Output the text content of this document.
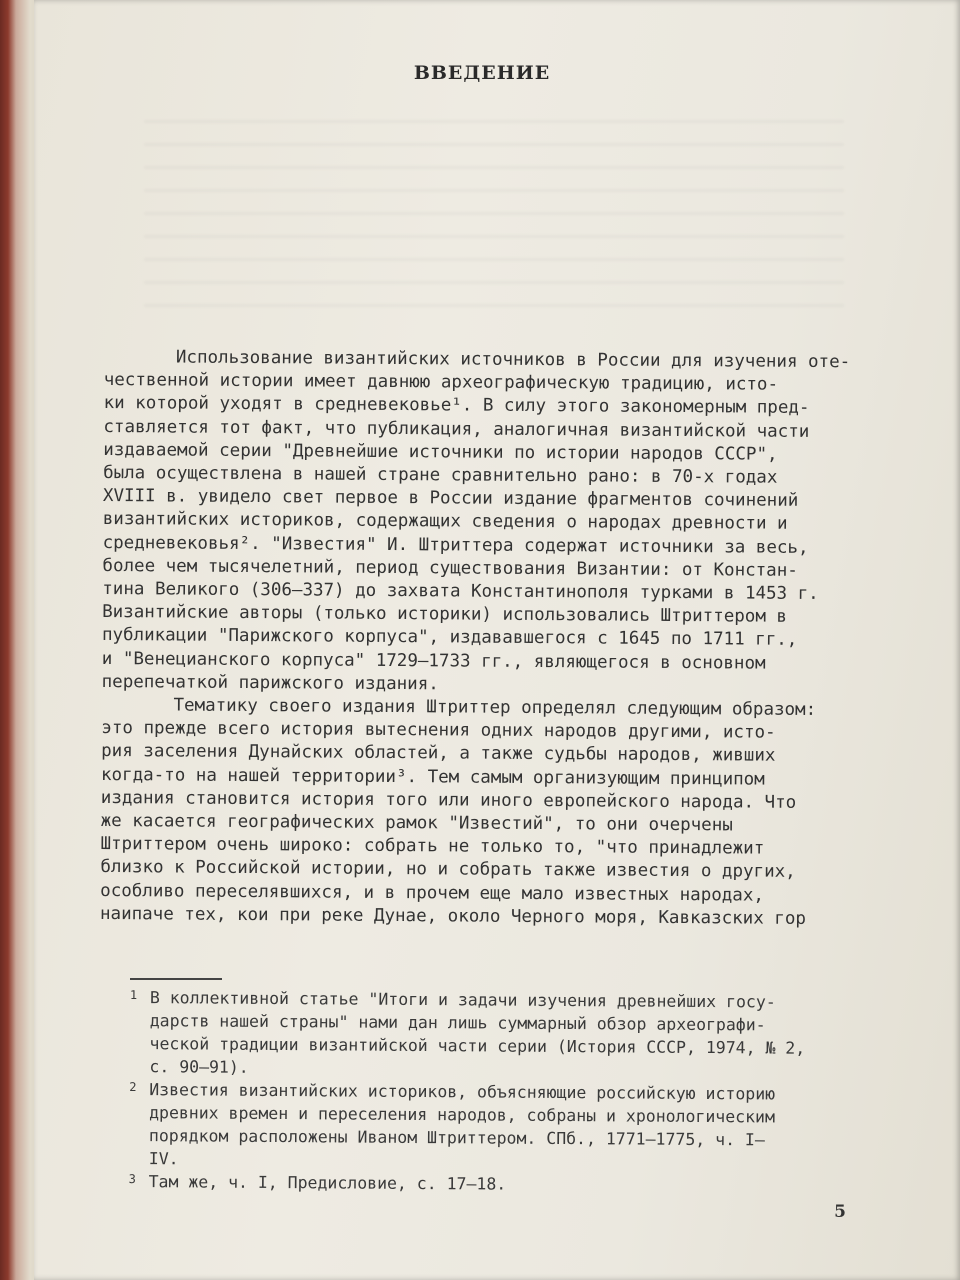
ВВЕДЕНИЕ
Использование византийских источников в России для изучения оте-
чественной истории имеет давнюю археографическую традицию, исто-
ки которой уходят в средневековье¹. В силу этого закономерным пред-
ставляется тот факт, что публикация, аналогичная византийской части
издаваемой серии "Древнейшие источники по истории народов СССР",
была осуществлена в нашей стране сравнительно рано: в 70-х годах
XVIII в. увидело свет первое в России издание фрагментов сочинений
византийских историков, содержащих сведения о народах древности и
средневековья². "Известия" И. Штриттера содержат источники за весь,
более чем тысячелетний, период существования Византии: от Констан-
тина Великого (306–337) до захвата Константинополя турками в 1453 г.
Византийские авторы (только историки) использовались Штриттером в
публикации "Парижского корпуса", издававшегося с 1645 по 1711 гг.,
и "Венецианского корпуса" 1729–1733 гг., являющегося в основном
перепечаткой парижского издания.
Тематику своего издания Штриттер определял следующим образом:
это прежде всего история вытеснения одних народов другими, исто-
рия заселения Дунайских областей, а также судьбы народов, живших
когда-то на нашей территории³. Тем самым организующим принципом
издания становится история того или иного европейского народа. Что
же касается географических рамок "Известий", то они очерчены
Штриттером очень широко: собрать не только то, "что принадлежит
близко к Российской истории, но и собрать также известия о других,
особливо переселявшихся, и в прочем еще мало известных народах,
наипаче тех, кои при реке Дунае, около Черного моря, Кавказских гор
1 В коллективной статье "Итоги и задачи изучения древнейших госу-
дарств нашей страны" нами дан лишь суммарный обзор археографи-
ческой традиции византийской части серии (История СССР, 1974, № 2,
с. 90–91).
2 Известия византийских историков, объясняющие российскую историю
древних времен и переселения народов, собраны и хронологическим
порядком расположены Иваном Штриттером. СПб., 1771–1775, ч. I–
IV.
3 Там же, ч. I, Предисловие, с. 17–18.
5
